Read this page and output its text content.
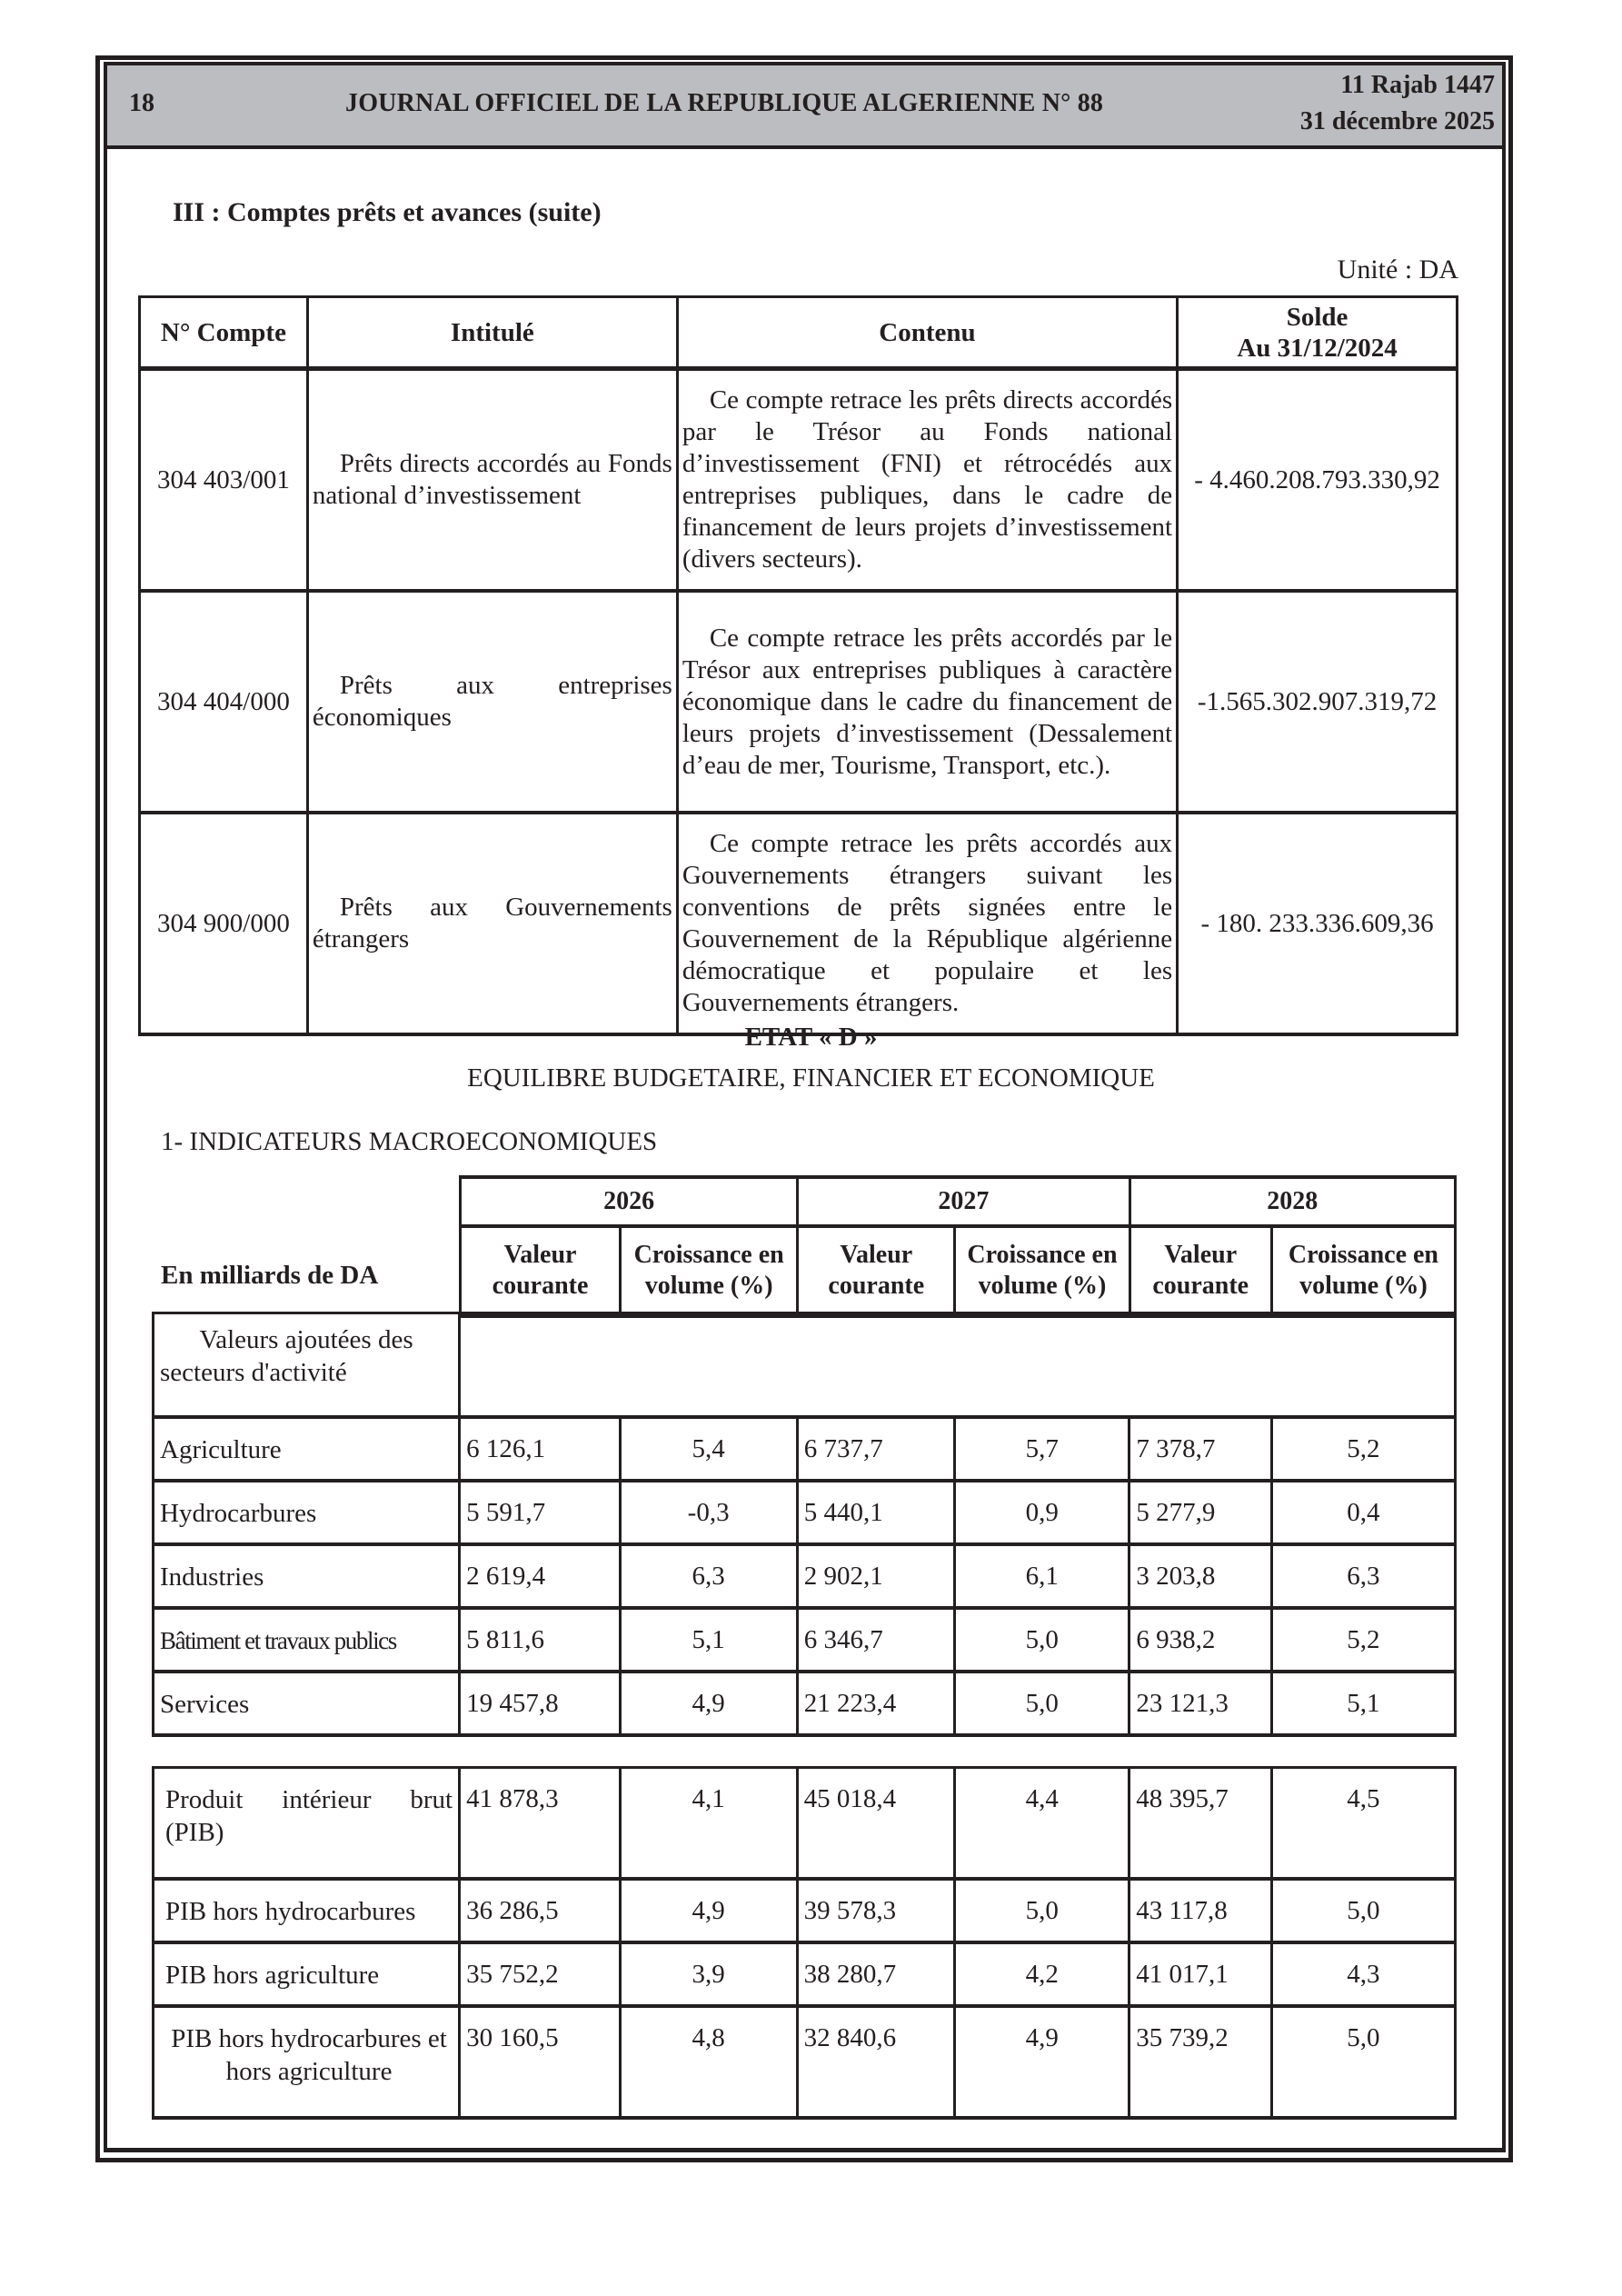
18	JOURNAL OFFICIEL DE LA REPUBLIQUE ALGERIENNE N° 88
11 Rajab 1447
31 décembre 2025
III : Comptes prêts et avances (suite)
Unité : DA
N° Compte	Intitulé	Contenu	Solde
Au 31/12/2024

304 403/001	Prêts directs accordés au Fonds national d’investissement	Ce compte retrace les prêts directs accordés par le Trésor au Fonds national d’investissement (FNI) et rétrocédés aux entreprises publiques, dans le cadre de financement de leurs projets d’investissement (divers secteurs).	- 4.460.208.793.330,92
304 404/000	Prêts aux entreprises économiques	Ce compte retrace les prêts accordés par le Trésor aux entreprises publiques à caractère économique dans le cadre du financement de leurs projets d’investissement (Dessalement d’eau de mer, Tourisme, Transport, etc.).	-1.565.302.907.319,72
304 900/000	Prêts aux Gouvernements étrangers	Ce compte retrace les prêts accordés aux Gouvernements étrangers suivant les conventions de prêts signées entre le Gouvernement de la République algérienne démocratique et populaire et les Gouvernements étrangers.	- 180. 233.336.609,36
ETAT « D »
EQUILIBRE BUDGETAIRE, FINANCIER ET ECONOMIQUE
1- INDICATEURS MACROECONOMIQUES
En milliards de DA
2026		2027		2028	
Valeur courante	Croissance en volume (%)	Valeur courante	Croissance en volume (%)	Valeur courante	Croissance en volume (%)
Valeurs ajoutées des secteurs d'activité						
Agriculture	6 126,1	5,4	6 737,7	5,7	7 378,7	5,2
Hydrocarbures	5 591,7	-0,3	5 440,1	0,9	5 277,9	0,4
Industries	2 619,4	6,3	2 902,1	6,1	3 203,8	6,3
Bâtiment et travaux publics	5 811,6	5,1	6 346,7	5,0	6 938,2	5,2
Services	19 457,8	4,9	21 223,4	5,0	23 121,3	5,1
Produit intérieur brut (PIB)	41 878,3	4,1	45 018,4	4,4	48 395,7	4,5
PIB hors hydrocarbures	36 286,5	4,9	39 578,3	5,0	43 117,8	5,0
PIB hors agriculture	35 752,2	3,9	38 280,7	4,2	41 017,1	4,3
PIB hors hydrocarbures et hors agriculture	30 160,5	4,8	32 840,6	4,9	35 739,2	5,0
